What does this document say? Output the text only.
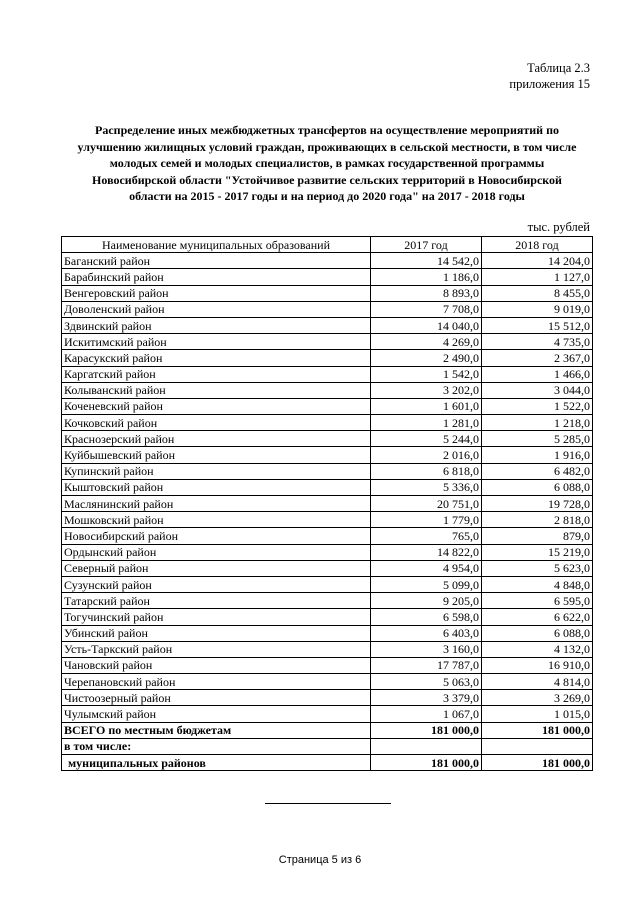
Таблица 2.3
приложения 15
Распределение иных межбюджетных трансфертов на осуществление мероприятий по
улучшению жилищных условий граждан, проживающих в сельской местности, в том числе
молодых семей и молодых специалистов, в рамках государственной программы
Новосибирской области "Устойчивое развитие сельских территорий в Новосибирской
области на 2015 - 2017 годы и на период до 2020 года" на 2017 - 2018 годы
тыс. рублей
Наименование муниципальных образований	2017 год	2018 год
Баганский район	14 542,0	14 204,0
Барабинский район	1 186,0	1 127,0
Венгеровский район	8 893,0	8 455,0
Доволенский район	7 708,0	9 019,0
Здвинский район	14 040,0	15 512,0
Искитимский район	4 269,0	4 735,0
Карасукский район	2 490,0	2 367,0
Каргатский район	1 542,0	1 466,0
Колыванский район	3 202,0	3 044,0
Коченевский район	1 601,0	1 522,0
Кочковский район	1 281,0	1 218,0
Краснозерский район	5 244,0	5 285,0
Куйбышевский район	2 016,0	1 916,0
Купинский район	6 818,0	6 482,0
Кыштовский район	5 336,0	6 088,0
Маслянинский район	20 751,0	19 728,0
Мошковский район	1 779,0	2 818,0
Новосибирский район	765,0	879,0
Ордынский район	14 822,0	15 219,0
Северный район	4 954,0	5 623,0
Сузунский район	5 099,0	4 848,0
Татарский район	9 205,0	6 595,0
Тогучинский район	6 598,0	6 622,0
Убинский район	6 403,0	6 088,0
Усть-Таркский район	3 160,0	4 132,0
Чановский район	17 787,0	16 910,0
Черепановский район	5 063,0	4 814,0
Чистоозерный район	3 379,0	3 269,0
Чулымский район	1 067,0	1 015,0
ВСЕГО по местным бюджетам	181 000,0	181 000,0
в том числе:		
муниципальных районов	181 000,0	181 000,0
Страница 5 из 6
